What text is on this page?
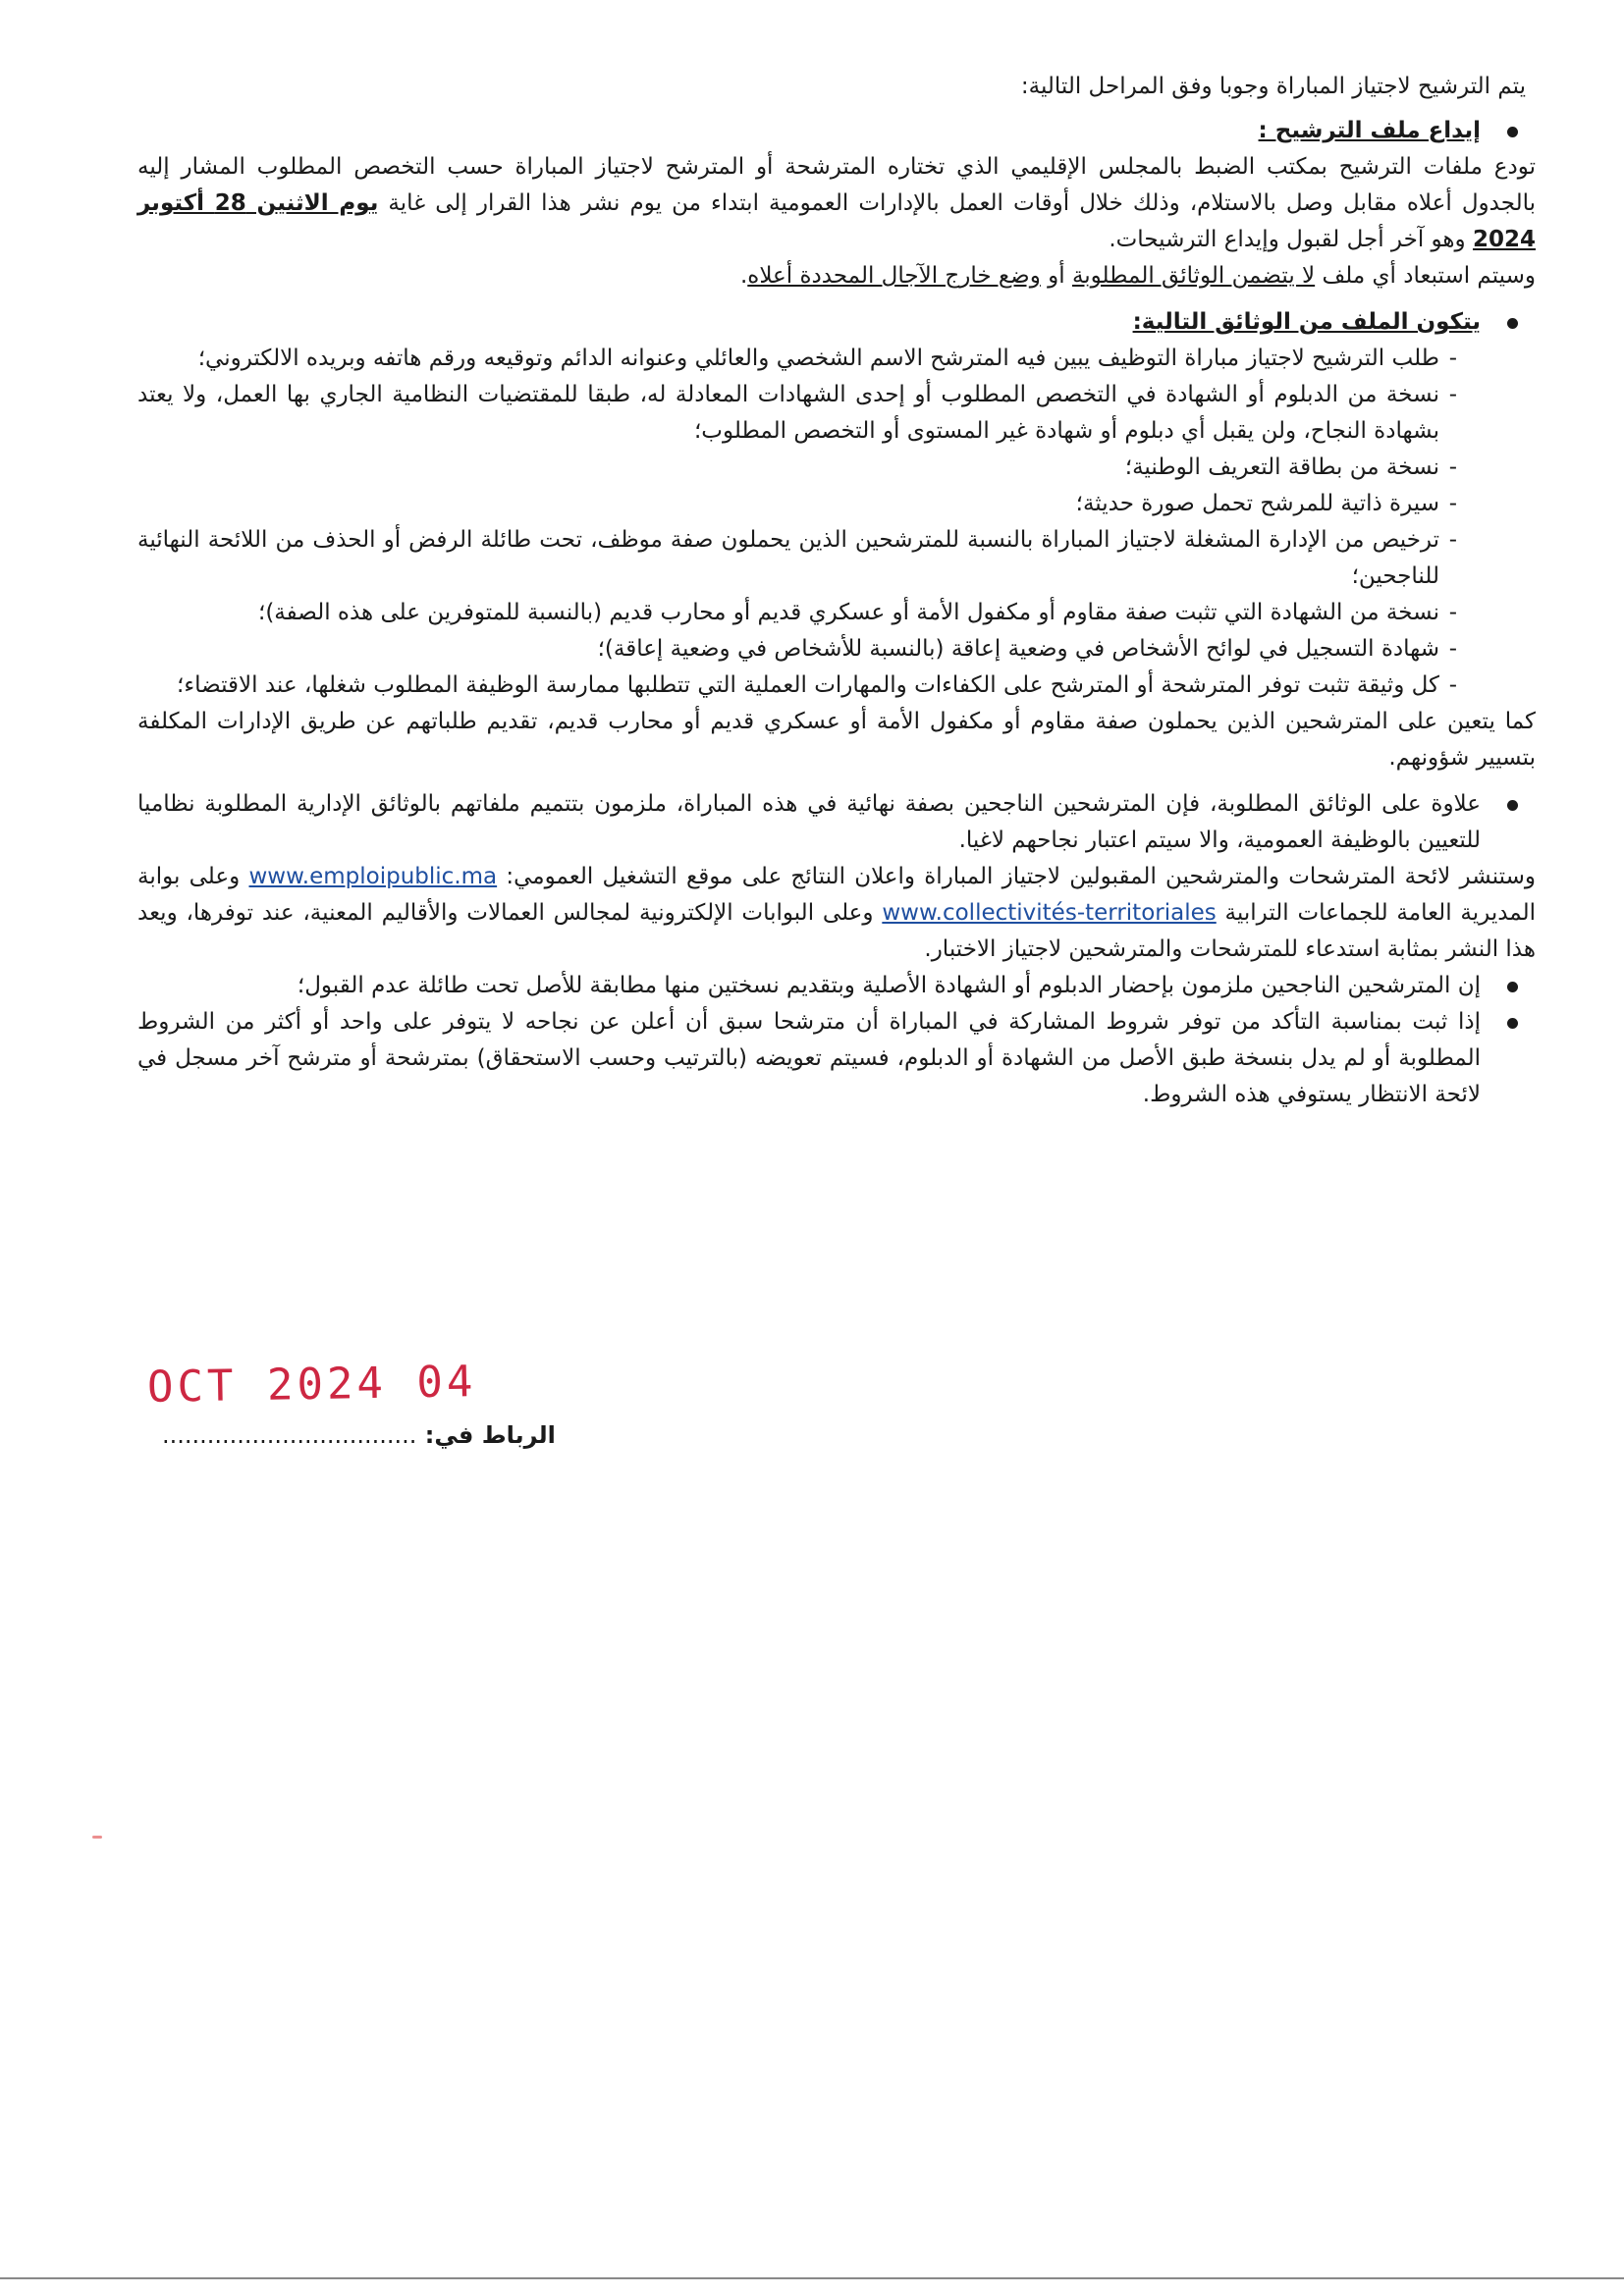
يتم الترشيح لاجتياز المباراة وجوبا وفق المراحل التالية:

إيداع ملف الترشيح :

تودع ملفات الترشيح بمكتب الضبط بالمجلس الإقليمي الذي تختاره المترشحة أو المترشح لاجتياز المباراة حسب التخصص المطلوب المشار إليه بالجدول أعلاه مقابل وصل بالاستلام، وذلك خلال أوقات العمل بالإدارات العمومية ابتداء من يوم نشر هذا القرار إلى غاية يوم الاثنين 28 أكتوبر 2024 وهو آخر أجل لقبول وإيداع الترشيحات.

وسيتم استبعاد أي ملف لا يتضمن الوثائق المطلوبة أو وضع خارج الآجال المحددة أعلاه.

يتكون الملف من الوثائق التالية:
- طلب الترشيح لاجتياز مباراة التوظيف يبين فيه المترشح الاسم الشخصي والعائلي وعنوانه الدائم وتوقيعه ورقم هاتفه وبريده الالكتروني؛
- نسخة من الدبلوم أو الشهادة في التخصص المطلوب أو إحدى الشهادات المعادلة له، طبقا للمقتضيات النظامية الجاري بها العمل، ولا يعتد بشهادة النجاح، ولن يقبل أي دبلوم أو شهادة غير المستوى أو التخصص المطلوب؛
- نسخة من بطاقة التعريف الوطنية؛
- سيرة ذاتية للمرشح تحمل صورة حديثة؛
- ترخيص من الإدارة المشغلة لاجتياز المباراة بالنسبة للمترشحين الذين يحملون صفة موظف، تحت طائلة الرفض أو الحذف من اللائحة النهائية للناجحين؛
- نسخة من الشهادة التي تثبت صفة مقاوم أو مكفول الأمة أو عسكري قديم أو محارب قديم (بالنسبة للمتوفرين على هذه الصفة)؛
- شهادة التسجيل في لوائح الأشخاص في وضعية إعاقة (بالنسبة للأشخاص في وضعية إعاقة)؛
- كل وثيقة تثبت توفر المترشحة أو المترشح على الكفاءات والمهارات العملية التي تتطلبها ممارسة الوظيفة المطلوب شغلها، عند الاقتضاء؛

كما يتعين على المترشحين الذين يحملون صفة مقاوم أو مكفول الأمة أو عسكري قديم أو محارب قديم، تقديم طلباتهم عن طريق الإدارات المكلفة بتسيير شؤونهم.

علاوة على الوثائق المطلوبة، فإن المترشحين الناجحين بصفة نهائية في هذه المباراة، ملزمون بتتميم ملفاتهم بالوثائق الإدارية المطلوبة نظاميا للتعيين بالوظيفة العمومية، والا سيتم اعتبار نجاحهم لاغيا.

وستنشر لائحة المترشحات والمترشحين المقبولين لاجتياز المباراة واعلان النتائج على موقع التشغيل العمومي: www.emploipublic.ma وعلى بوابة المديرية العامة للجماعات الترابية www.collectivités-territoriales وعلى البوابات الإلكترونية لمجالس العمالات والأقاليم المعنية، عند توفرها، ويعد هذا النشر بمثابة استدعاء للمترشحات والمترشحين لاجتياز الاختبار.

إن المترشحين الناجحين ملزمون بإحضار الدبلوم أو الشهادة الأصلية وبتقديم نسختين منها مطابقة للأصل تحت طائلة عدم القبول؛
إذا ثبت بمناسبة التأكد من توفر شروط المشاركة في المباراة أن مترشحا سبق أن أعلن عن نجاحه لا يتوفر على واحد أو أكثر من الشروط المطلوبة أو لم يدل بنسخة طبق الأصل من الشهادة أو الدبلوم، فسيتم تعويضه (بالترتيب وحسب الاستحقاق) بمترشحة أو مترشح آخر مسجل في لائحة الانتظار يستوفي هذه الشروط.
04 OCT 2024
الرباط في: ..................................
